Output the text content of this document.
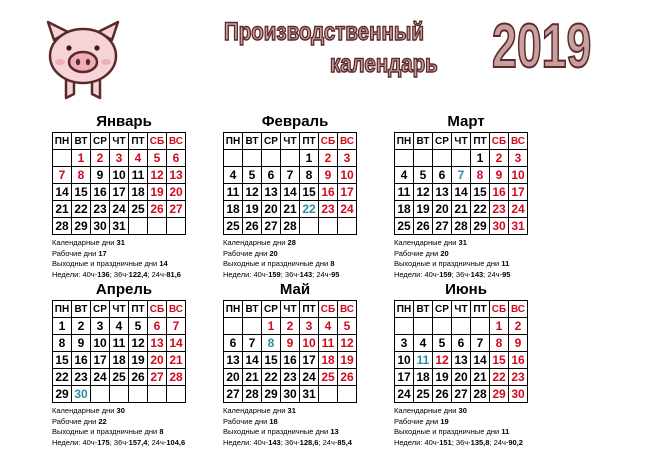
Производственный
календарь 2019
Январь
ПН	ВТ	СР	ЧТ	ПТ	СБ	ВС
	1	2	3	4	5	6
7	8	9	10	11	12	13
14	15	16	17	18	19	20
21	22	23	24	25	26	27
28	29	30	31			
Календарные дни 31
Рабочие дни 17
Выходные и праздничные дни 14
Недели: 40ч-136; 36ч-122,4; 24ч-81,6
Февраль
ПН	ВТ	СР	ЧТ	ПТ	СБ	ВС
				1	2	3
4	5	6	7	8	9	10
11	12	13	14	15	16	17
18	19	20	21	22	23	24
25	26	27	28			
Календарные дни 28
Рабочие дни 20
Выходные и праздничные дни 8
Недели: 40ч-159; 36ч-143; 24ч-95
Март
ПН	ВТ	СР	ЧТ	ПТ	СБ	ВС
				1	2	3
4	5	6	7	8	9	10
11	12	13	14	15	16	17
18	19	20	21	22	23	24
25	26	27	28	29	30	31
Календарные дни 31
Рабочие дни 20
Выходные и праздничные дни 11
Недели: 40ч-159; 36ч-143; 24ч-95
Апрель
ПН	ВТ	СР	ЧТ	ПТ	СБ	ВС
1	2	3	4	5	6	7
8	9	10	11	12	13	14
15	16	17	18	19	20	21
22	23	24	25	26	27	28
29	30					
Календарные дни 30
Рабочие дни 22
Выходные и праздничные дни 8
Недели: 40ч-175; 36ч-157,4; 24ч-104,6
Май
ПН	ВТ	СР	ЧТ	ПТ	СБ	ВС
		1	2	3	4	5
6	7	8	9	10	11	12
13	14	15	16	17	18	19
20	21	22	23	24	25	26
27	28	29	30	31		
Календарные дни 31
Рабочие дни 18
Выходные и праздничные дни 13
Недели: 40ч-143; 36ч-128,6; 24ч-85,4
Июнь
ПН	ВТ	СР	ЧТ	ПТ	СБ	ВС
					1	2
3	4	5	6	7	8	9
10	11	12	13	14	15	16
17	18	19	20	21	22	23
24	25	26	27	28	29	30
Календарные дни 30
Рабочие дни 19
Выходные и праздничные дни 11
Недели: 40ч-151; 36ч-135,8; 24ч-90,2
